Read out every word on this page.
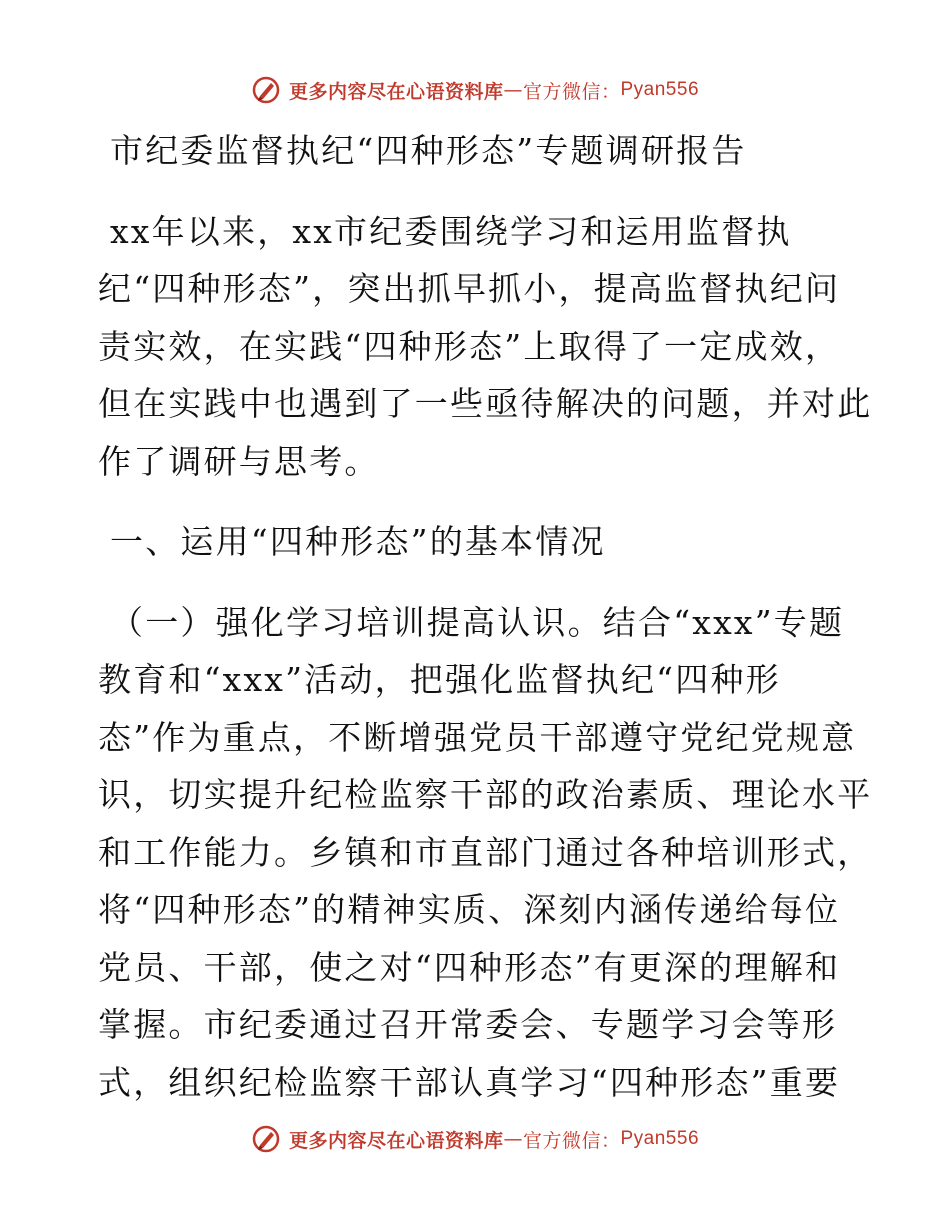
更多内容尽在心语资料库 — 官方微信： Pyan556
市纪委监督执纪“四种形态”专题调研报告
xx年以来，xx市纪委围绕学习和运用监督执
纪“四种形态”，突出抓早抓小，提高监督执纪问
责实效，在实践“四种形态”上取得了一定成效，
但在实践中也遇到了一些亟待解决的问题，并对此
作了调研与思考。
一、运用“四种形态”的基本情况
（一）强化学习培训提高认识。结合“xxx”专题
教育和“xxx”活动，把强化监督执纪“四种形
态”作为重点，不断增强党员干部遵守党纪党规意
识，切实提升纪检监察干部的政治素质、理论水平
和工作能力。乡镇和市直部门通过各种培训形式，
将“四种形态”的精神实质、深刻内涵传递给每位
党员、干部，使之对“四种形态”有更深的理解和
掌握。市纪委通过召开常委会、专题学习会等形
式，组织纪检监察干部认真学习“四种形态”重要
更多内容尽在心语资料库 — 官方微信： Pyan556
